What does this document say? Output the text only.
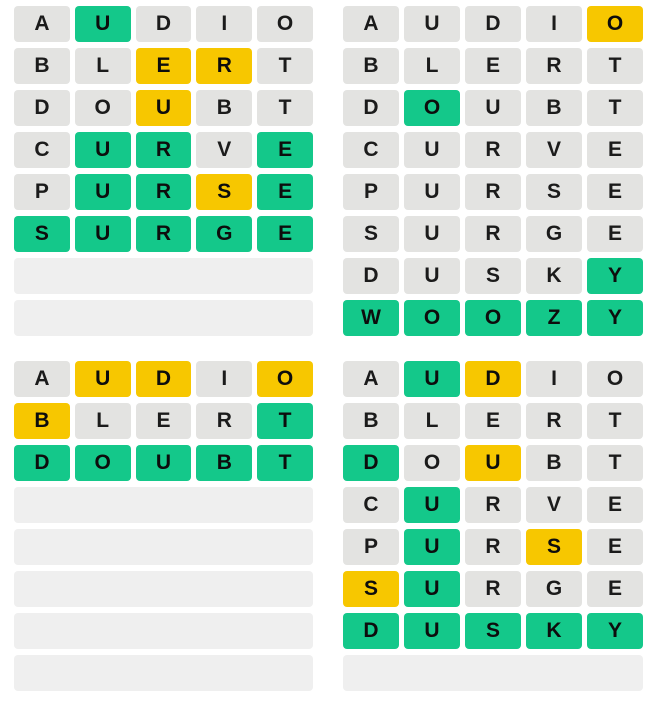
A	U	D	I	O
B	L	E	R	T
D	O	U	B	T
C	U	R	V	E
P	U	R	S	E
S	U	R	G	E
A	U	D	I	O
B	L	E	R	T
D	O	U	B	T
C	U	R	V	E
P	U	R	S	E
S	U	R	G	E
D	U	S	K	Y
W	O	O	Z	Y
A	U	D	I	O
B	L	E	R	T
D	O	U	B	T
A	U	D	I	O
B	L	E	R	T
D	O	U	B	T
C	U	R	V	E
P	U	R	S	E
S	U	R	G	E
D	U	S	K	Y
